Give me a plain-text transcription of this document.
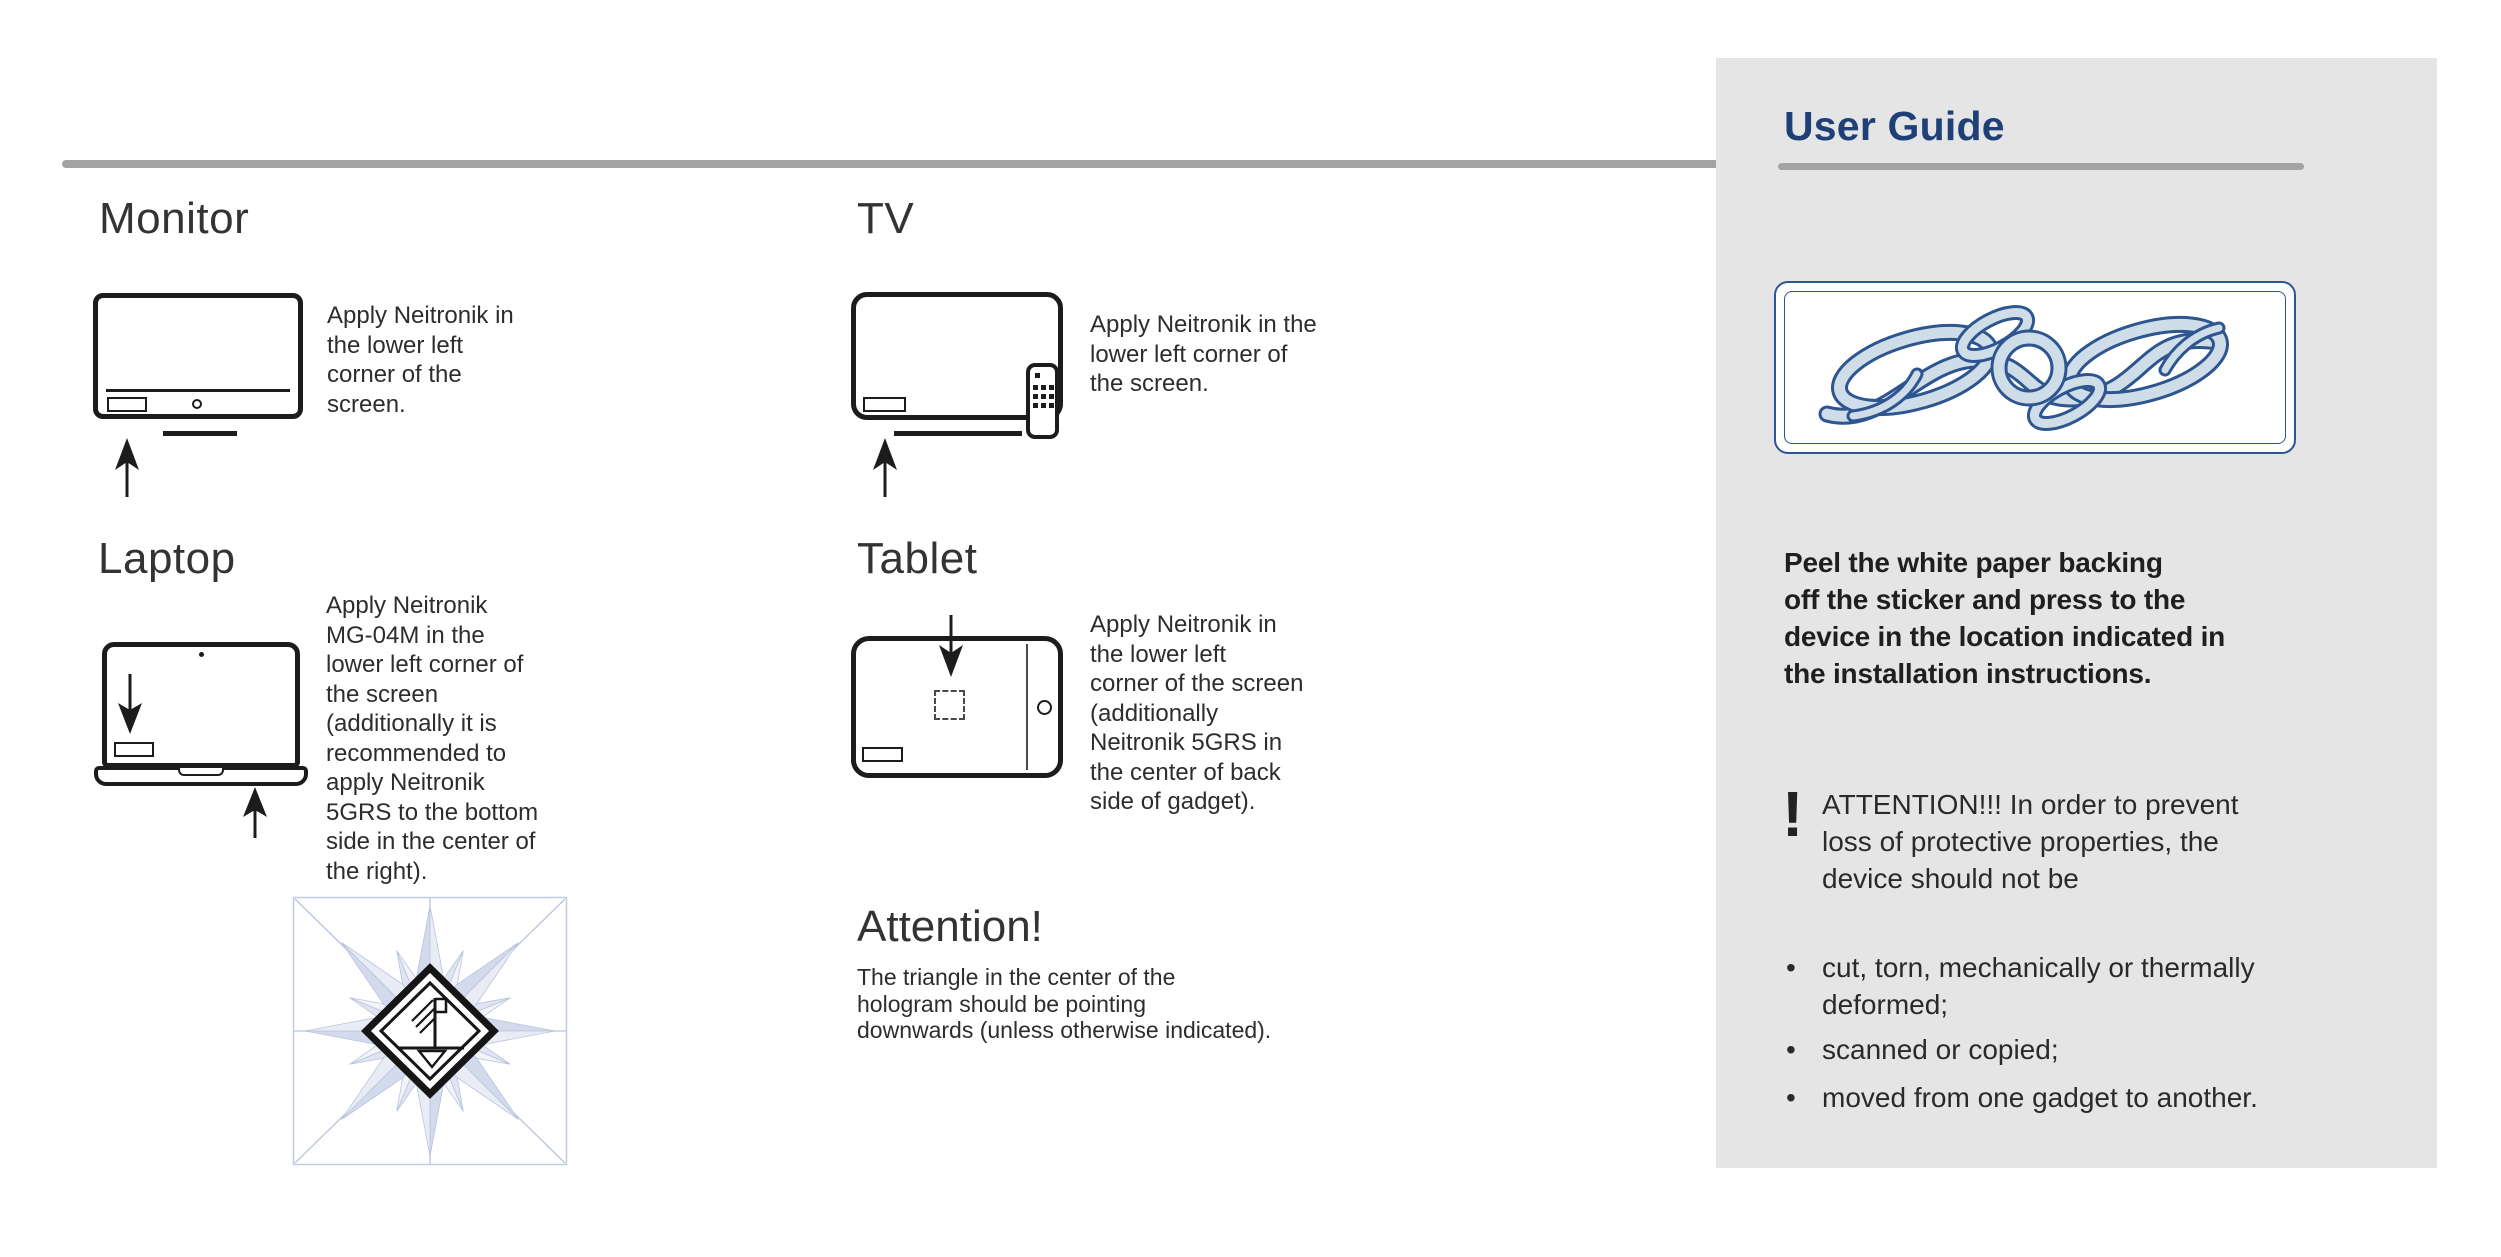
Monitor
Apply Neitronik in
the lower left
corner of the
screen.
TV
Apply Neitronik in the
lower left corner of
the screen.
Laptop
Apply Neitronik
MG-04M in the
lower left corner of
the screen
(additionally it is
recommended to
apply Neitronik
5GRS to the bottom
side in the center of
the right).
Tablet
Apply Neitronik in
the lower left
corner of the screen
(additionally
Neitronik 5GRS in
the center of back
side of gadget).
Attention!
The triangle in the center of the
hologram should be pointing
downwards (unless otherwise indicated).
User Guide
Peel the white paper backing
off the sticker and press to the
device in the location indicated in
the installation instructions.
! ATTENTION!!! In order to prevent
loss of protective properties, the
device should not be
• cut, torn, mechanically or thermally deformed;
• scanned or copied;
• moved from one gadget to another.
